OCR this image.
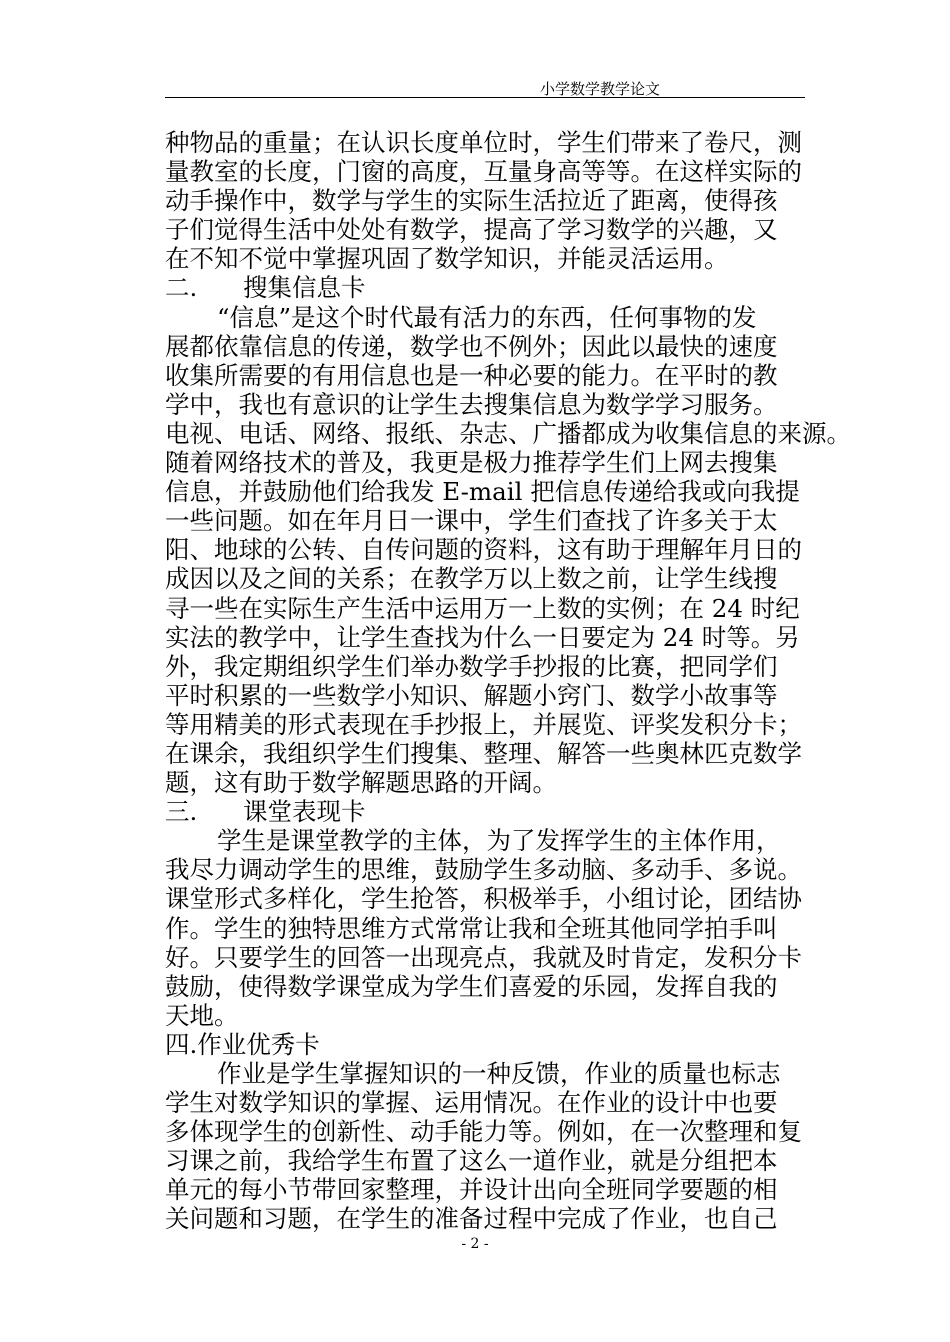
小学数学教学论文
种物品的重量；在认识长度单位时，学生们带来了卷尺，测
量教室的长度，门窗的高度，互量身高等等。在这样实际的
动手操作中，数学与学生的实际生活拉近了距离，使得孩
子们觉得生活中处处有数学，提高了学习数学的兴趣，又
在不知不觉中掌握巩固了数学知识，并能灵活运用。
二. 搜集信息卡
“信息”是这个时代最有活力的东西，任何事物的发
展都依靠信息的传递，数学也不例外；因此以最快的速度
收集所需要的有用信息也是一种必要的能力。在平时的教
学中，我也有意识的让学生去搜集信息为数学学习服务。
电视、电话、网络、报纸、杂志、广播都成为收集信息的来源。
随着网络技术的普及，我更是极力推荐学生们上网去搜集
信息，并鼓励他们给我发 E-mail 把信息传递给我或向我提
一些问题。如在年月日一课中，学生们查找了许多关于太
阳、地球的公转、自传问题的资料，这有助于理解年月日的
成因以及之间的关系；在教学万以上数之前，让学生线搜
寻一些在实际生产生活中运用万一上数的实例；在 24 时纪
实法的教学中，让学生查找为什么一日要定为 24 时等。另
外，我定期组织学生们举办数学手抄报的比赛，把同学们
平时积累的一些数学小知识、解题小窍门、数学小故事等
等用精美的形式表现在手抄报上，并展览、评奖发积分卡；
在课余，我组织学生们搜集、整理、解答一些奥林匹克数学
题，这有助于数学解题思路的开阔。
三. 课堂表现卡
学生是课堂教学的主体，为了发挥学生的主体作用，
我尽力调动学生的思维，鼓励学生多动脑、多动手、多说。
课堂形式多样化，学生抢答，积极举手，小组讨论，团结协
作。学生的独特思维方式常常让我和全班其他同学拍手叫
好。只要学生的回答一出现亮点，我就及时肯定，发积分卡
鼓励，使得数学课堂成为学生们喜爱的乐园，发挥自我的
天地。
四.作业优秀卡
作业是学生掌握知识的一种反馈，作业的质量也标志
学生对数学知识的掌握、运用情况。在作业的设计中也要
多体现学生的创新性、动手能力等。例如，在一次整理和复
习课之前，我给学生布置了这么一道作业，就是分组把本
单元的每小节带回家整理，并设计出向全班同学要题的相
关问题和习题，在学生的准备过程中完成了作业，也自己
- 2 -
